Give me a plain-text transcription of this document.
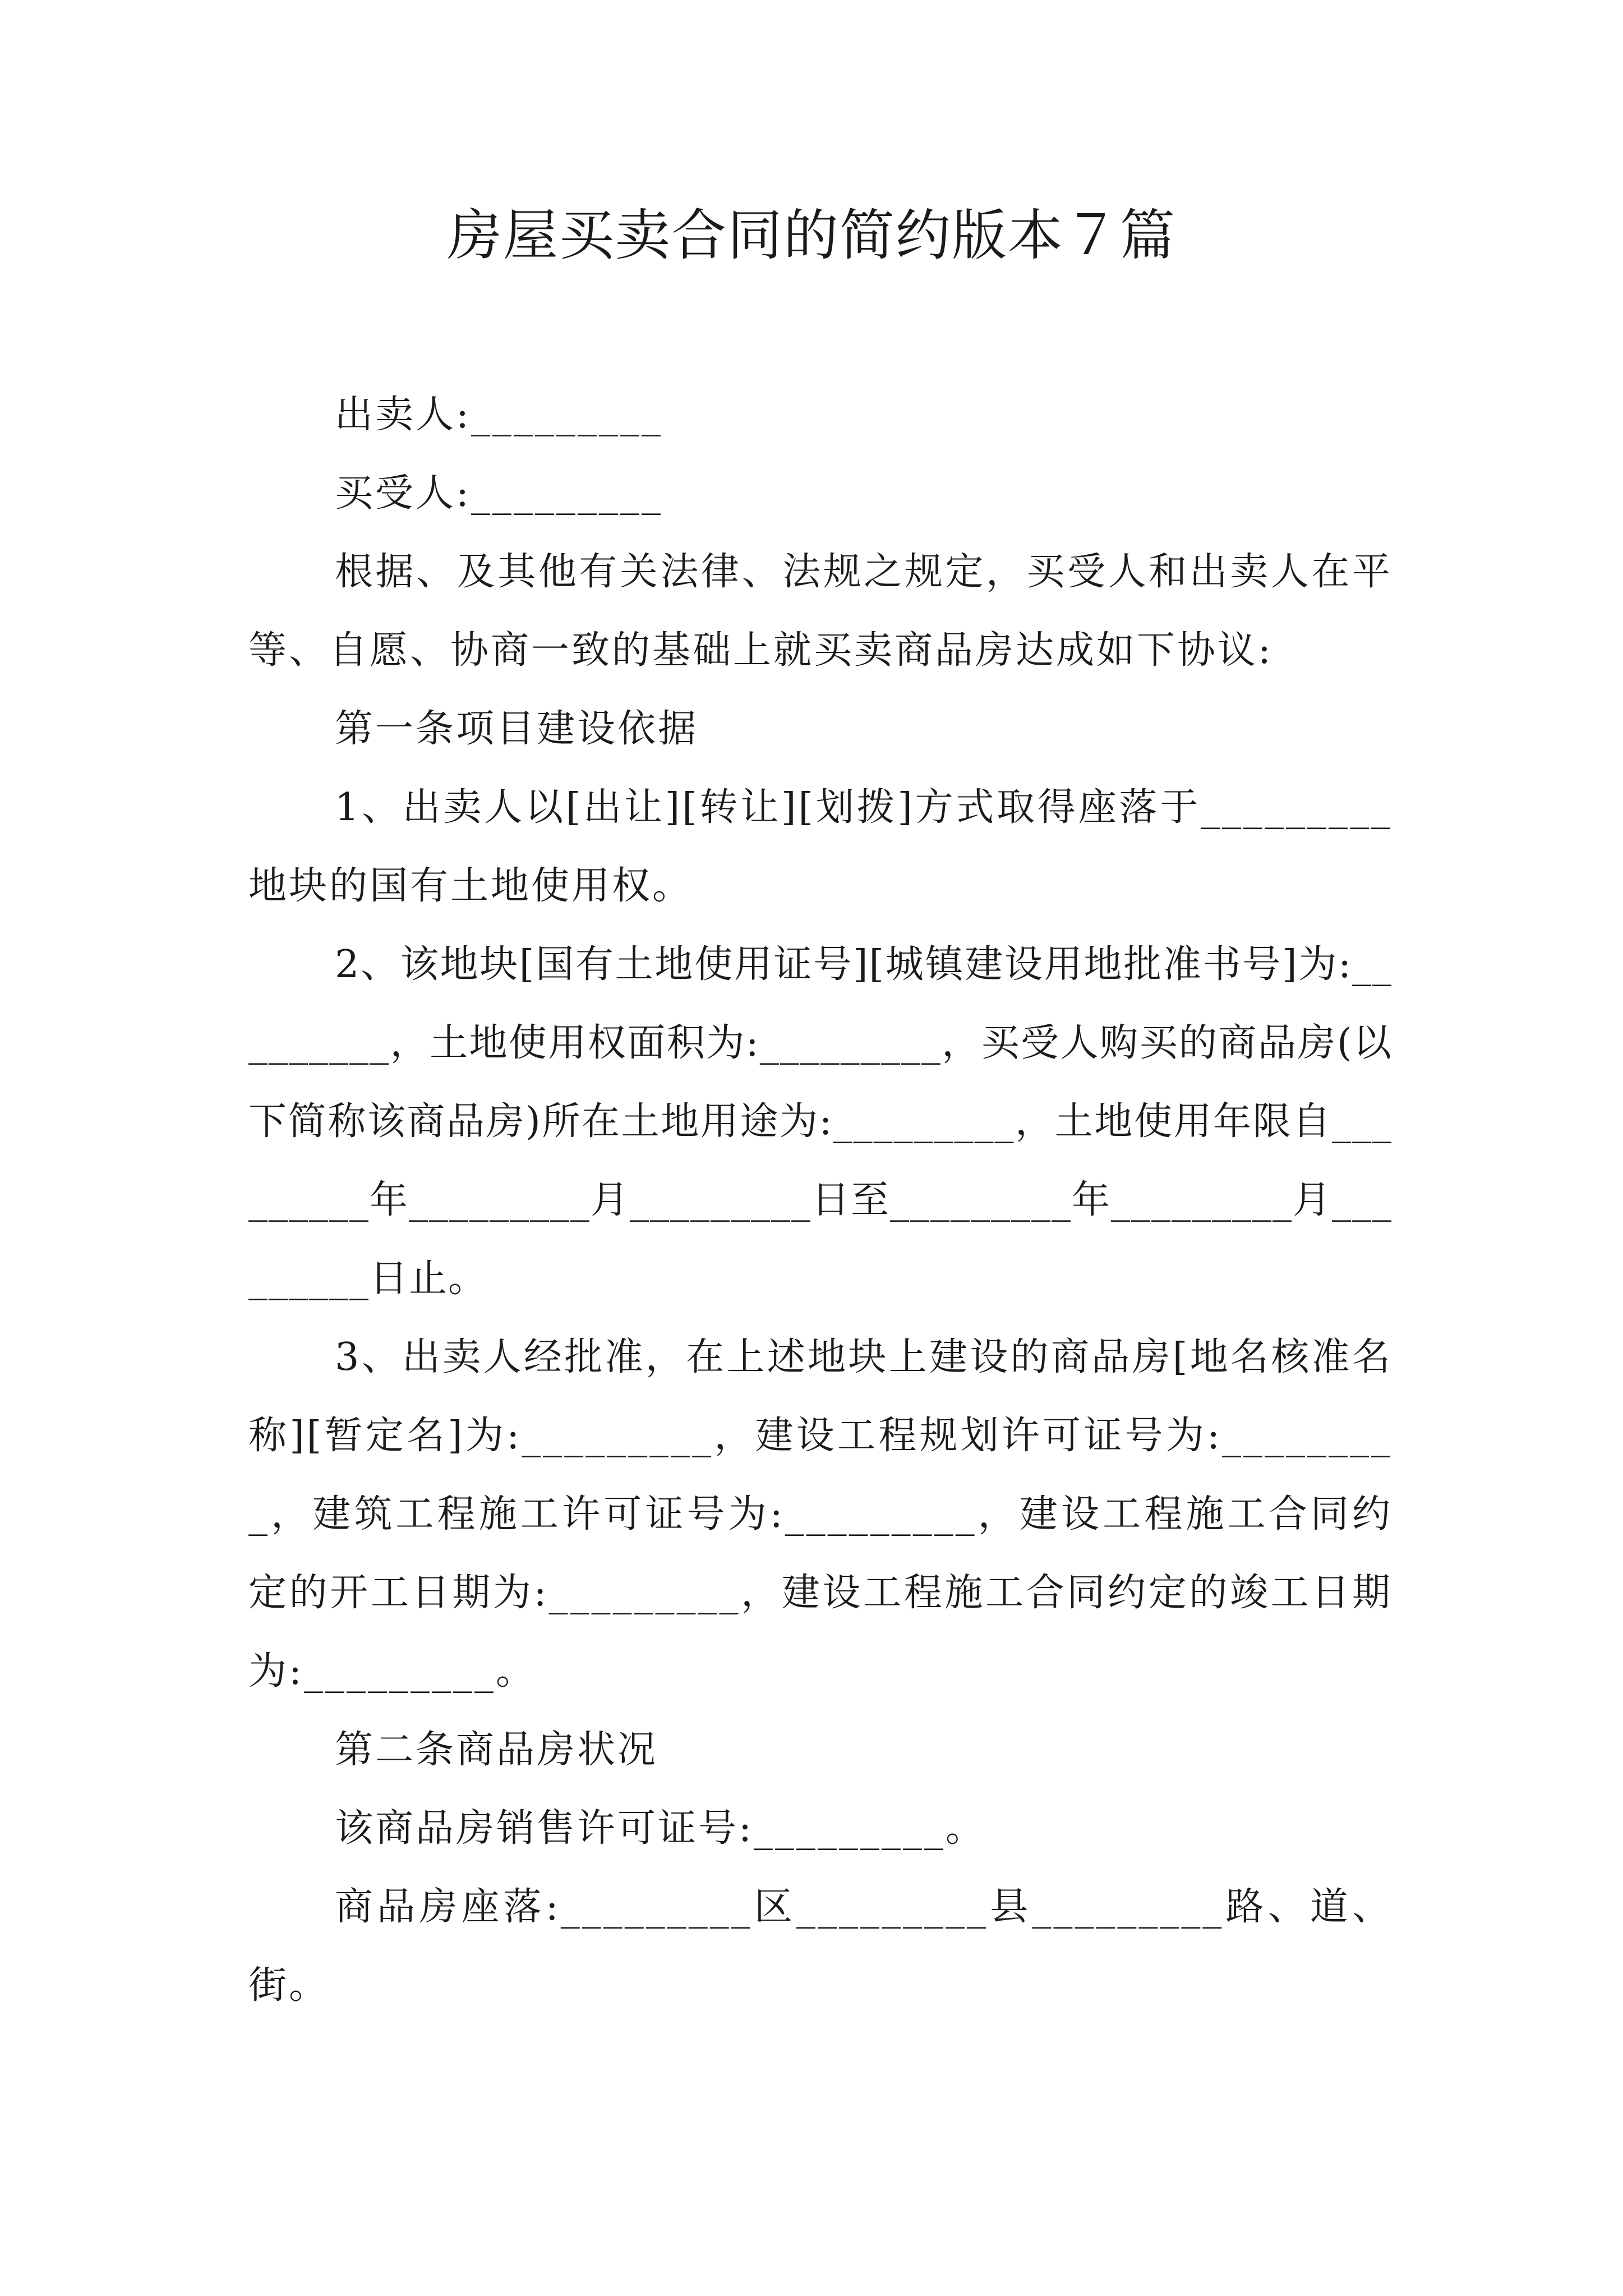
房屋买卖合同的简约版本７篇

出卖人:_________

买受人:_________

根据、及其他有关法律、法规之规定，买受人和出卖人在平等、自愿、协商一致的基础上就买卖商品房达成如下协议:

第一条项目建设依据

1、出卖人以[出让][转让][划拨]方式取得座落于_________地块的国有土地使用权。

2、该地块[国有土地使用证号][城镇建设用地批准书号]为:_________，土地使用权面积为:_________，买受人购买的商品房(以下简称该商品房)所在土地用途为:_________，土地使用年限自_________年_________月_________日至_________年_________月_________日止。

3、出卖人经批准，在上述地块上建设的商品房[地名核准名称][暂定名]为:_________，建设工程规划许可证号为:_________，建筑工程施工许可证号为:_________，建设工程施工合同约定的开工日期为:_________，建设工程施工合同约定的竣工日期为:_________。

第二条商品房状况

该商品房销售许可证号:_________。

商品房座落:_________区_________县_________路、道、街。
